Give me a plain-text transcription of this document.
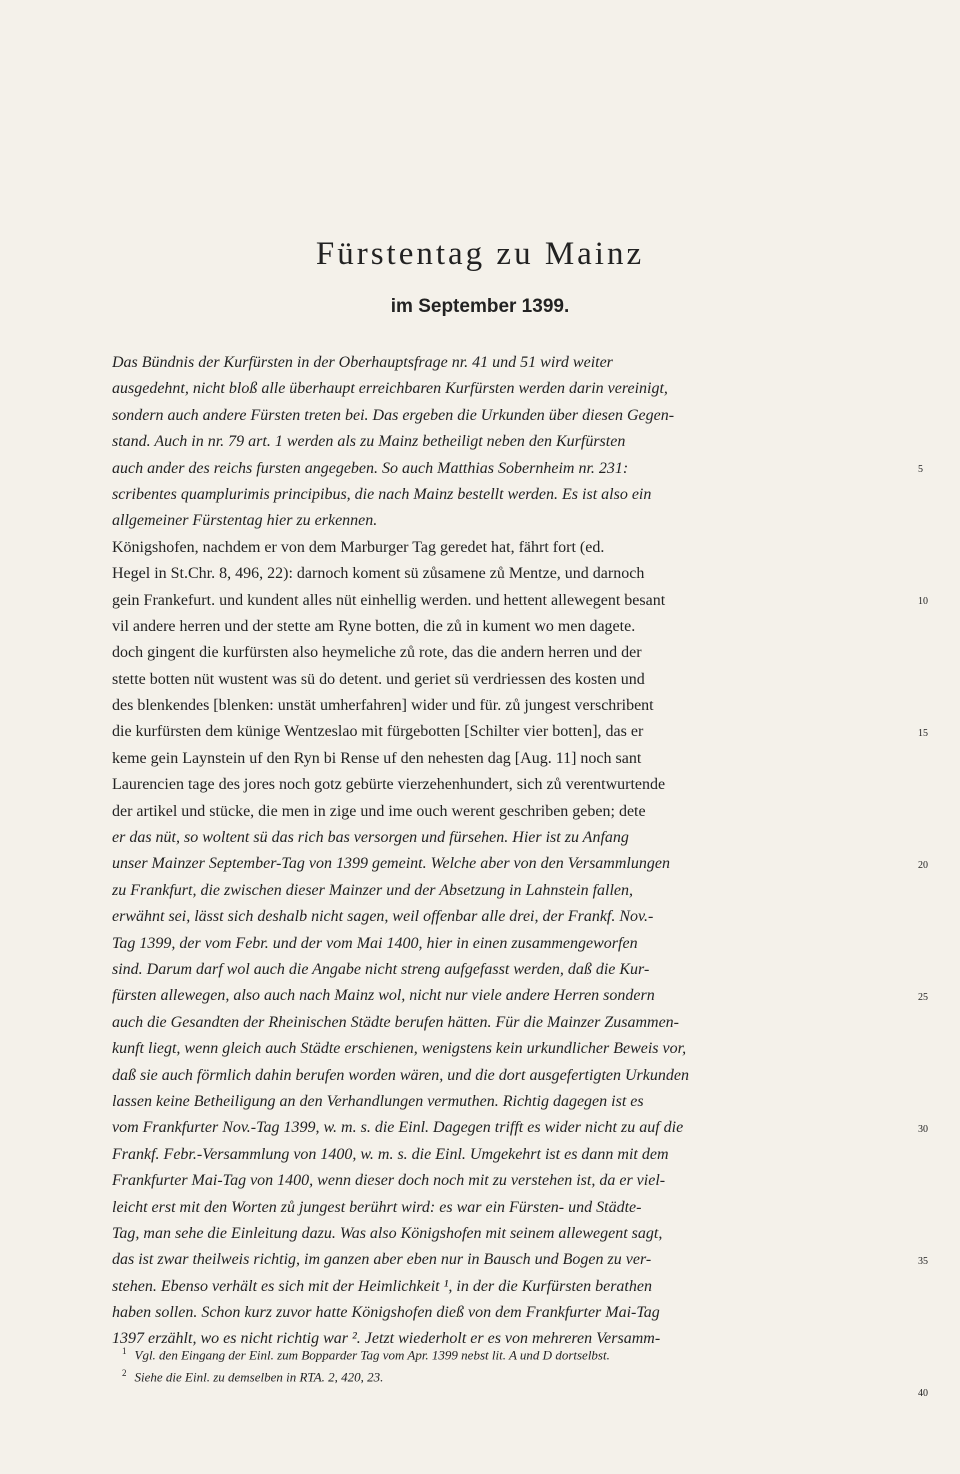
Fürstentag zu Mainz
im September 1399.
Das Bündnis der Kurfürsten in der Oberhauptsfrage nr. 41 und 51 wird weiter
ausgedehnt, nicht bloß alle überhaupt erreichbaren Kurfürsten werden darin vereinigt,
sondern auch andere Fürsten treten bei. Das ergeben die Urkunden über diesen Gegen-
stand. Auch in nr. 79 art. 1 werden als zu Mainz betheiligt neben den Kurfürsten
auch ander des reichs fursten angegeben. So auch Matthias Sobernheim nr. 231:
scribentes quamplurimis principibus, die nach Mainz bestellt werden. Es ist also ein
allgemeiner Fürstentag hier zu erkennen.
Königshofen, nachdem er von dem Marburger Tag geredet hat, fährt fort (ed.
Hegel in St.Chr. 8, 496, 22): darnoch koment sü zůsamene zů Mentze, und darnoch
gein Frankefurt. und kundent alles nüt einhellig werden. und hettent allewegent besant
vil andere herren und der stette am Ryne botten, die zů in kument wo men dagete.
doch gingent die kurfürsten also heymeliche zů rote, das die andern herren und der
stette botten nüt wustent was sü do detent. und geriet sü verdriessen des kosten und
des blenkendes [blenken: unstät umherfahren] wider und für. zů jungest verschribent
die kurfürsten dem künige Wentzeslao mit fürgebotten [Schilter vier botten], das er
keme gein Laynstein uf den Ryn bi Rense uf den nehesten dag [Aug. 11] noch sant
Laurencien tage des jores noch gotz gebürte vierzehenhundert, sich zů verentwurtende
der artikel und stücke, die men in zige und ime ouch werent geschriben geben; dete
er das nüt, so woltent sü das rich bas versorgen und fürsehen. Hier ist zu Anfang
unser Mainzer September-Tag von 1399 gemeint. Welche aber von den Versammlungen
zu Frankfurt, die zwischen dieser Mainzer und der Absetzung in Lahnstein fallen,
erwähnt sei, lässt sich deshalb nicht sagen, weil offenbar alle drei, der Frankf. Nov.-
Tag 1399, der vom Febr. und der vom Mai 1400, hier in einen zusammengeworfen
sind. Darum darf wol auch die Angabe nicht streng aufgefasst werden, daß die Kur-
fürsten allewegen, also auch nach Mainz wol, nicht nur viele andere Herren sondern
auch die Gesandten der Rheinischen Städte berufen hätten. Für die Mainzer Zusammen-
kunft liegt, wenn gleich auch Städte erschienen, wenigstens kein urkundlicher Beweis vor,
daß sie auch förmlich dahin berufen worden wären, und die dort ausgefertigten Urkunden
lassen keine Betheiligung an den Verhandlungen vermuthen. Richtig dagegen ist es
vom Frankfurter Nov.-Tag 1399, w. m. s. die Einl. Dagegen trifft es wider nicht zu auf die
Frankf. Febr.-Versammlung von 1400, w. m. s. die Einl. Umgekehrt ist es dann mit dem
Frankfurter Mai-Tag von 1400, wenn dieser doch noch mit zu verstehen ist, da er viel-
leicht erst mit den Worten zů jungest berührt wird: es war ein Fürsten- und Städte-
Tag, man sehe die Einleitung dazu. Was also Königshofen mit seinem allewegent sagt,
das ist zwar theilweis richtig, im ganzen aber eben nur in Bausch und Bogen zu ver-
stehen. Ebenso verhält es sich mit der Heimlichkeit ¹, in der die Kurfürsten berathen
haben sollen. Schon kurz zuvor hatte Königshofen dieß von dem Frankfurter Mai-Tag
1397 erzählt, wo es nicht richtig war ². Jetzt wiederholt er es von mehreren Versamm-
5
10
15
20
25
30
35
40
$^1$ Vgl. den Eingang der Einl. zum Bopparder Tag vom Apr. 1399 nebst lit. A und D dortselbst.
$^2$ Siehe die Einl. zu demselben in RTA. 2, 420, 23.
